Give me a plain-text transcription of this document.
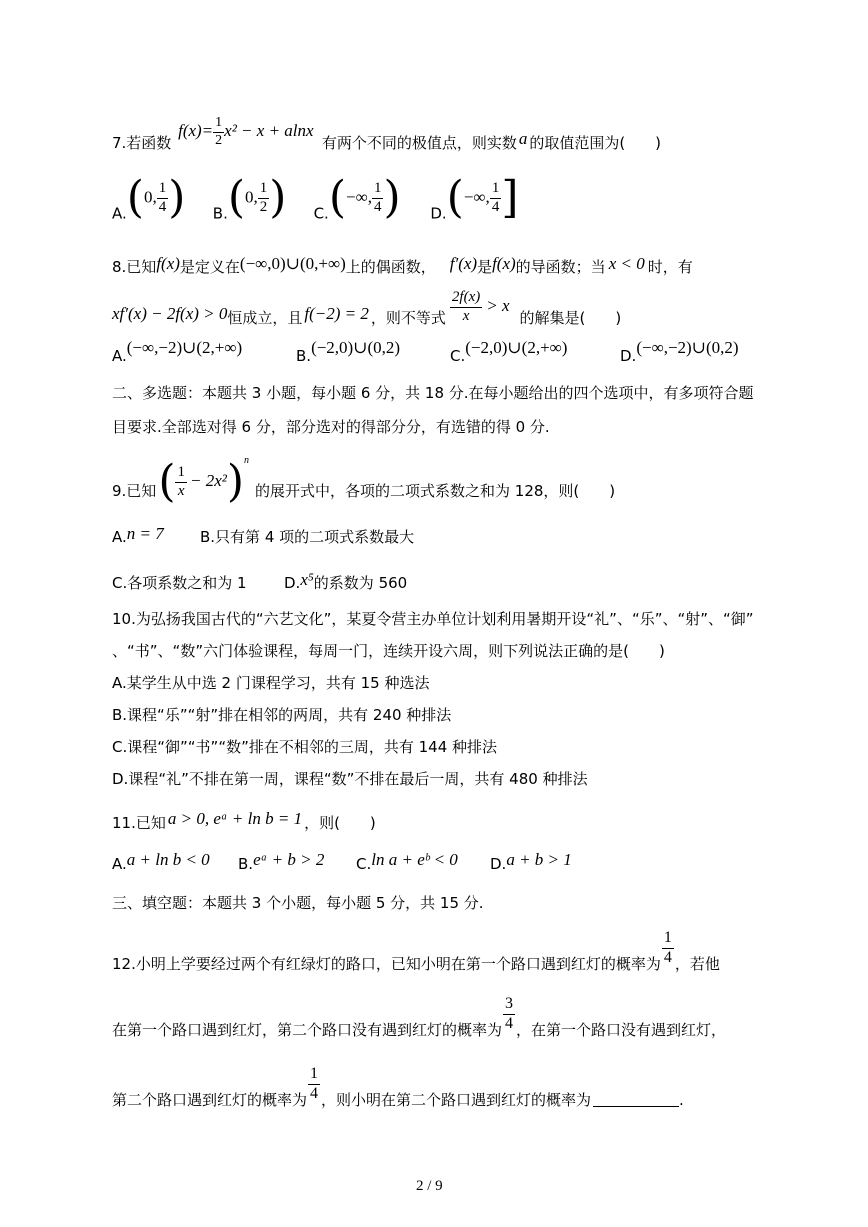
7.若函数 $f(x)= \frac{1}{2} x^2 - x + alnx$ 有两个不同的极值点，则实数 a 的取值范围为(　　)
A.(0, $\frac{1}{4}$ ) B.(0, $\frac{1}{2}$ ) C.(−∞, $\frac{1}{4}$ ) D.(−∞, $\frac{1}{4}$ ]
8.已知f(x)是定义在(−∞,0)∪(0,+∞)上的偶函数， f′(x)是f(x)的导函数；当 x < 0 时，有
xf′(x) − 2f(x) > 0恒成立，且 f(−2) = 2 ，则不等式 $\frac{2f(x)}{x} > x$的解集是(　　)
A.(−∞,−2)∪(2,+∞)	B.(−2,0)∪(0,2)	C.(−2,0)∪(2,+∞)	D.(−∞,−2)∪(0,2)
二、多选题：本题共 3 小题，每小题 6 分，共 18 分.在每小题给出的四个选项中，有多项符合题
目要求.全部选对得 6 分，部分选对的得部分分，有选错的得 0 分.
9.已知( $\frac{1}{x} - 2x^2)^n$的展开式中，各项的二项式系数之和为 128，则(　　)
A.n = 7 B.只有第 4 项的二项式系数最大
C.各项系数之和为 1 D.x⁵的系数为 560
10.为弘扬我国古代的“六艺文化”，某夏令营主办单位计划利用暑期开设“礼”、“乐”、“射”、“御”
、“书”、“数”六门体验课程，每周一门，连续开设六周，则下列说法正确的是(　　)
A.某学生从中选 2 门课程学习，共有 15 种选法
B.课程“乐”“射”排在相邻的两周，共有 240 种排法
C.课程“御”“书”“数”排在不相邻的三周，共有 144 种排法
D.课程“礼”不排在第一周，课程“数”不排在最后一周，共有 480 种排法
11.已知 a > 0, eᵃ + ln b = 1 ，则(　　)
A.a + ln b < 0 B.eᵃ + b > 2 C.ln a + eᵇ < 0 D.a + b > 1
三、填空题：本题共 3 个小题，每小题 5 分，共 15 分.
12.小明上学要经过两个有红绿灯的路口，已知小明在第一个路口遇到红灯的概率为 $\frac{1}{4}$ ，若他
在第一个路口遇到红灯，第二个路口没有遇到红灯的概率为 $\frac{3}{4}$ ，在第一个路口没有遇到红灯，
第二个路口遇到红灯的概率为 $\frac{1}{4}$ ，则小明在第二个路口遇到红灯的概率为	.
2 / 9
